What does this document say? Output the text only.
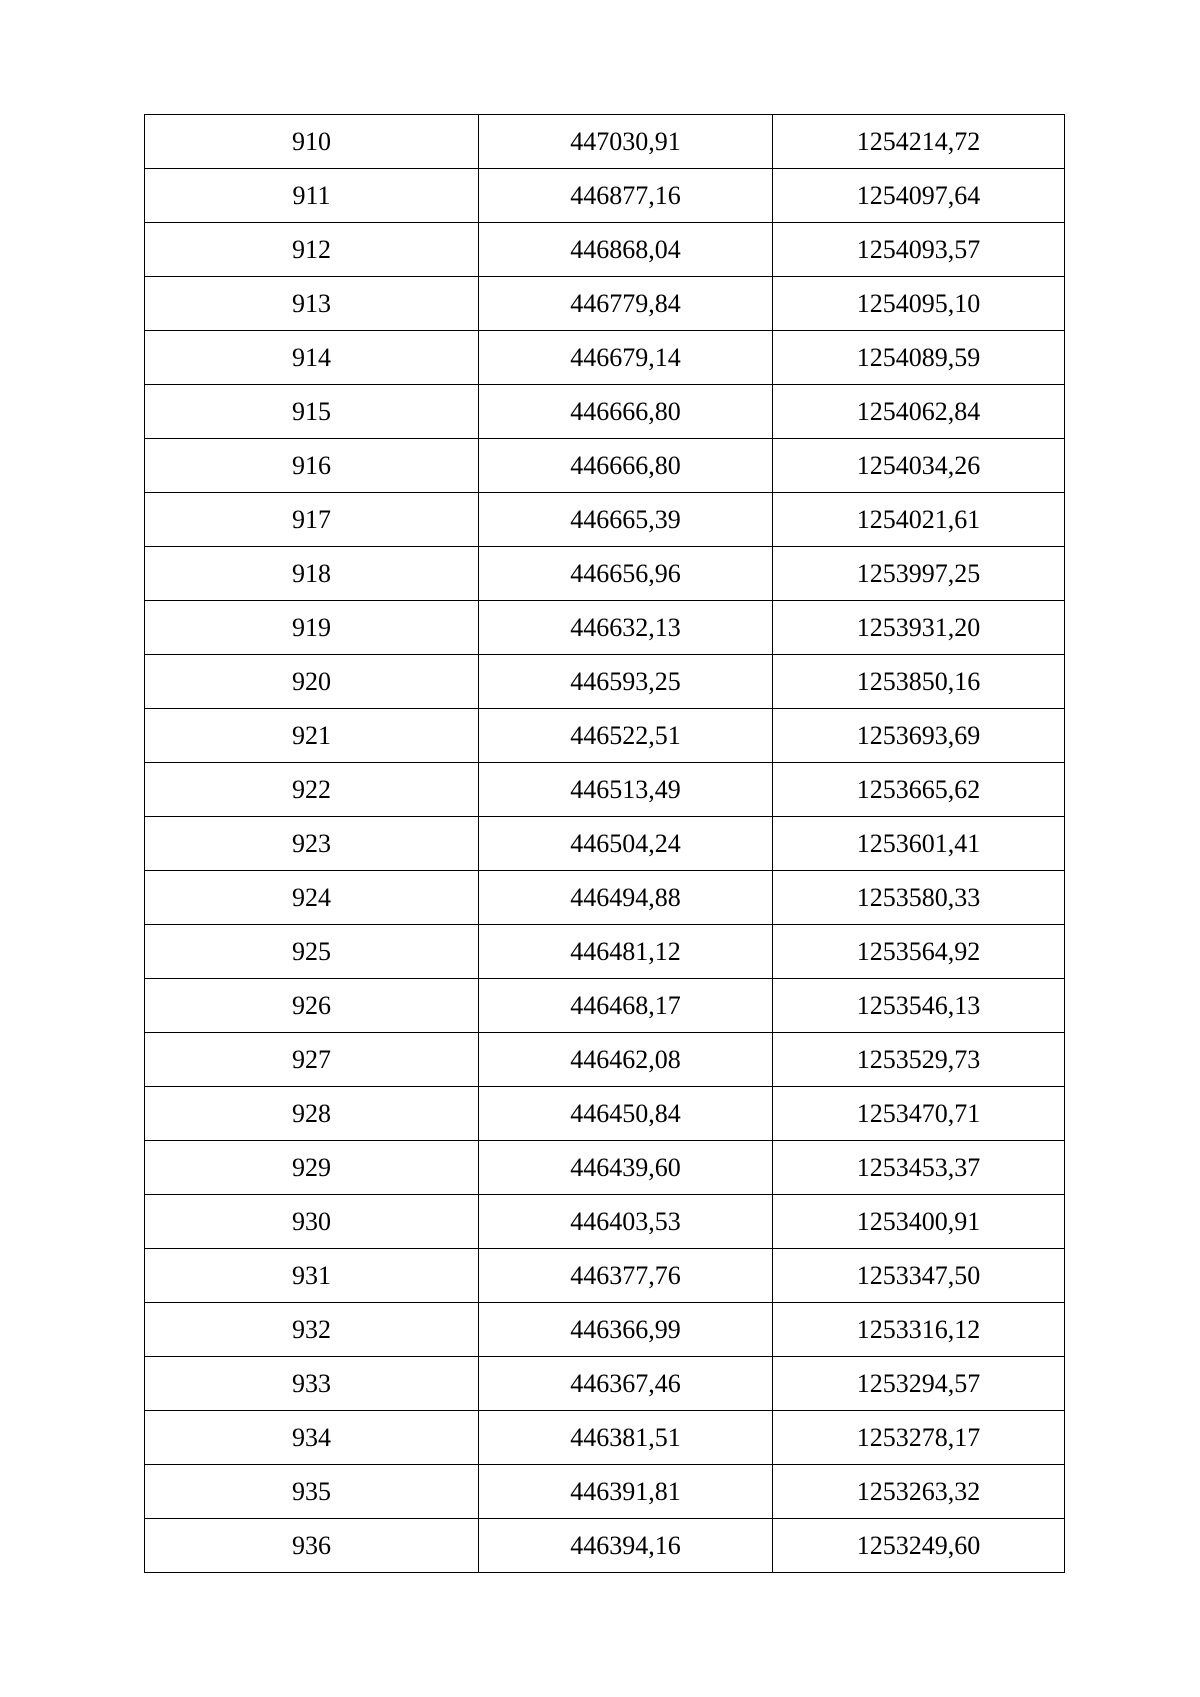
910	447030,91	1254214,72
911	446877,16	1254097,64
912	446868,04	1254093,57
913	446779,84	1254095,10
914	446679,14	1254089,59
915	446666,80	1254062,84
916	446666,80	1254034,26
917	446665,39	1254021,61
918	446656,96	1253997,25
919	446632,13	1253931,20
920	446593,25	1253850,16
921	446522,51	1253693,69
922	446513,49	1253665,62
923	446504,24	1253601,41
924	446494,88	1253580,33
925	446481,12	1253564,92
926	446468,17	1253546,13
927	446462,08	1253529,73
928	446450,84	1253470,71
929	446439,60	1253453,37
930	446403,53	1253400,91
931	446377,76	1253347,50
932	446366,99	1253316,12
933	446367,46	1253294,57
934	446381,51	1253278,17
935	446391,81	1253263,32
936	446394,16	1253249,60
